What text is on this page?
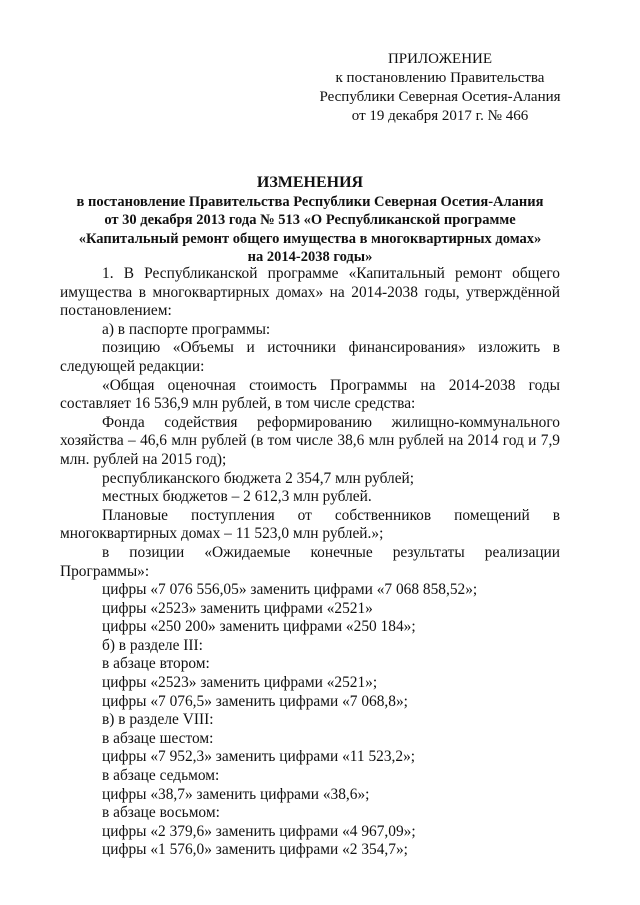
ПРИЛОЖЕНИЕ
к постановлению Правительства
Республики Северная Осетия-Алания
от 19 декабря 2017 г. № 466
ИЗМЕНЕНИЯ
в постановление Правительства Республики Северная Осетия-Алания
от 30 декабря 2013 года № 513 «О Республиканской программе
«Капитальный ремонт общего имущества в многоквартирных домах»
на 2014-2038 годы»
1. В Республиканской программе «Капитальный ремонт общего
имущества в многоквартирных домах» на 2014-2038 годы, утверждённой
постановлением:
а) в паспорте программы:
позицию «Объемы и источники финансирования» изложить в
следующей редакции:
«Общая оценочная стоимость Программы на 2014-2038 годы
составляет 16 536,9 млн рублей, в том числе средства:
Фонда содействия реформированию жилищно-коммунального
хозяйства – 46,6 млн рублей (в том числе 38,6 млн рублей на 2014 год и 7,9
млн. рублей на 2015 год);
республиканского бюджета 2 354,7 млн рублей;
местных бюджетов – 2 612,3 млн рублей.
Плановые поступления от собственников помещений в
многоквартирных домах – 11 523,0 млн рублей.»;
в позиции «Ожидаемые конечные результаты реализации
Программы»:
цифры «7 076 556,05» заменить цифрами «7 068 858,52»;
цифры «2523» заменить цифрами «2521»
цифры «250 200» заменить цифрами «250 184»;
б) в разделе III:
в абзаце втором:
цифры «2523» заменить цифрами «2521»;
цифры «7 076,5» заменить цифрами «7 068,8»;
в) в разделе VIII:
в абзаце шестом:
цифры «7 952,3» заменить цифрами «11 523,2»;
в абзаце седьмом:
цифры «38,7» заменить цифрами «38,6»;
в абзаце восьмом:
цифры «2 379,6» заменить цифрами «4 967,09»;
цифры «1 576,0» заменить цифрами «2 354,7»;
